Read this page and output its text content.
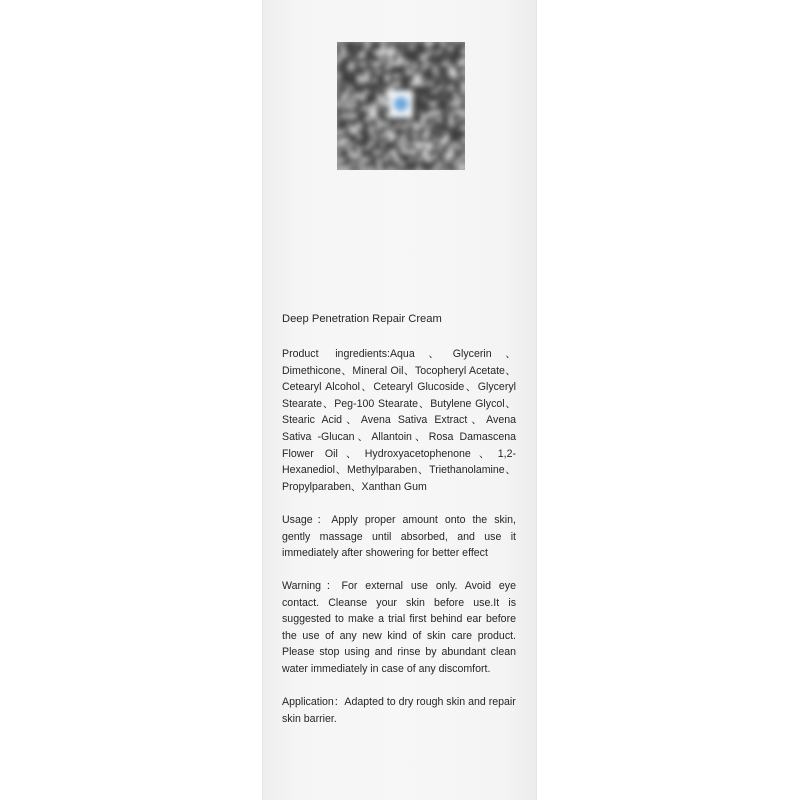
Deep Penetration Repair Cream

Product ingredients:Aqua、Glycerin、Dimethicone、Mineral Oil、Tocopheryl Acetate、Cetearyl Alcohol、Cetearyl Glucoside、Glyceryl Stearate、Peg-100 Stearate、Butylene Glycol、Stearic Acid、Avena Sativa Extract、Avena Sativa -Glucan、Allantoin、Rosa Damascena Flower Oil、Hydroxyacetophenone、1,2-Hexanediol、Methylparaben、Triethanolamine、Propylparaben、Xanthan Gum

Usage：Apply proper amount onto the skin, gently massage until absorbed, and use it immediately after showering for better effect

Warning：For external use only. Avoid eye contact. Cleanse your skin before use.It is suggested to make a trial first behind ear before the use of any new kind of skin care product. Please stop using and rinse by abundant clean water immediately in case of any discomfort.

Application：Adapted to dry rough skin and repair skin barrier.
